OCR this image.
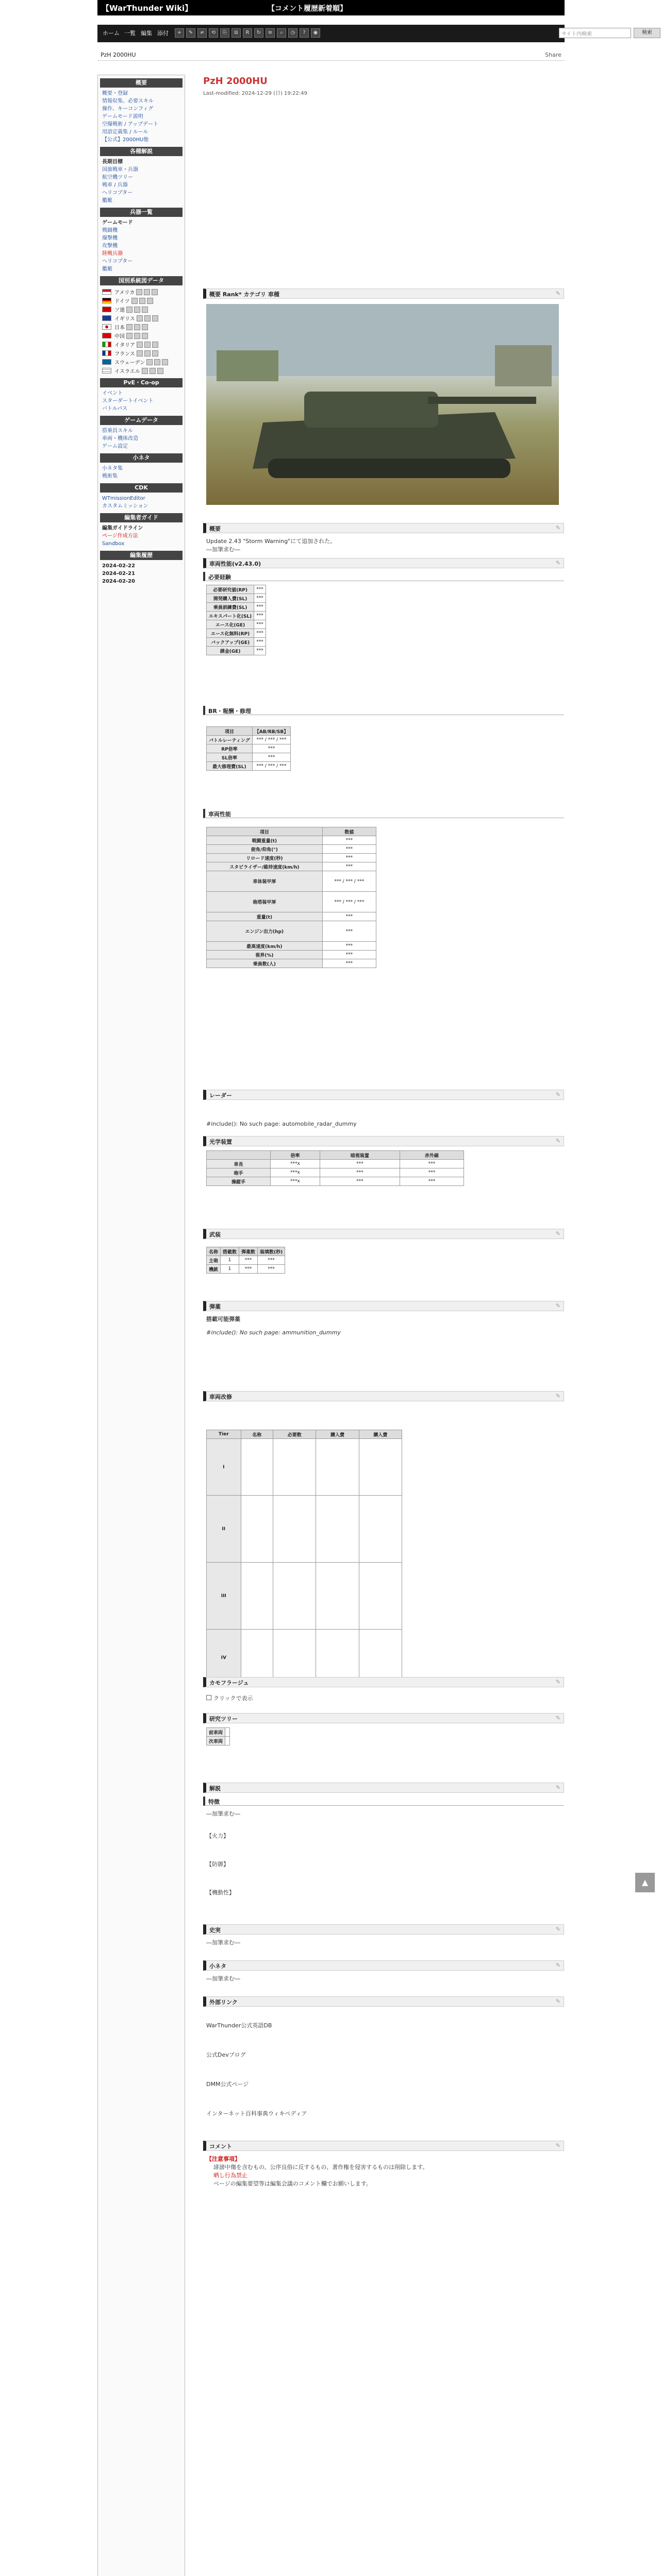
【WarThunder Wiki】	【コメント履歴新着順】
ホーム 一覧 編集 添付	+	✎	≠	⟲	⎘	⧉	R	↻	≡	⌕	◷	?	◉	サイト内検索	検索
PzH 2000HU	Share
概要
概要・登録
情報収集、必要スキル
操作、キーコンフィグ
ゲームモード説明
空爆戦術 / アップデート
用語定義集 / ルール
【公式】2000HU他
各種解説
長期目標
国旗戦車・兵器
航空機ツリー
戦車 / 兵器
ヘリコプター
艦艇
兵器一覧
ゲームモード
戦闘機
爆撃機
攻撃機
陸戦兵器
ヘリコプター
艦艇
国別系統図データ
アメリカ
ドイツ
ソ連
イギリス
日本
中国
イタリア
フランス
スウェーデン
イスラエル
PvE・Co-op
イベント
スターダートイベント
バトルパス
ゲームデータ
搭乗員スキル
車両・機体改造
ゲーム設定
小ネタ
小ネタ集
戦術集
CDK
WTmissionEditor
カスタムミッション
編集者ガイド
編集ガイドライン
ページ作成方法
Sandbox
編集履歴
2024-02-22
2024-02-21
2024-02-20
PzH 2000HU
Last-modified: 2024-12-29 (日) 19:22:49
概要 Rank* カテゴリ 車種	✎
概要	✎
Update 2.43 "Storm Warning"にて追加された。
―加筆求む―
車両性能(v2.43.0)	✎
必要経験
必要研究値(RP)	***
開発購入費(SL)	***
乗員訓練費(SL)	***
エキスパート化(SL)	***
エース化(GE)	***
エース化無料(RP)	***
バックアップ(GE)	***
課金(GE)	***
BR・報酬・修理
項目	【AB/RB/SB】
バトルレーティング	*** / *** / ***
RP倍率	***
SL倍率	***
最大修理費(SL)	*** / *** / ***
車両性能
項目	数値
戦闘重量(t)	***
俯角/仰角(°)	***
リロード速度(秒)	***
スタビライザー/維持速度(km/h)	***
車体装甲厚	*** / *** / ***
砲塔装甲厚	*** / *** / ***
重量(t)	***
エンジン出力(hp)	***
最高速度(km/h)	***
視界(%)	***
乗員数(人)	***
レーダー	✎
#include(): No such page: automobile_radar_dummy
光学装置	✎
	倍率	暗視装置	赤外線
車長	***x	***	***
砲手	***x	***	***
操縦手	***x	***	***
武装	✎
名称	搭載数	弾薬数	装填数(秒)
主砲	1	***	***
機銃	1	***	***
弾薬	✎
搭載可能弾薬
#include(): No such page: ammunition_dummy
車両改修	✎
Tier	名称	必要数	購入費	購入費
I				
II				
III				
IV				
カモフラージュ	✎
クリックで表示
研究ツリー	✎
前車両	
次車両	
解説	✎
特徴
―加筆求む―
【火力】
【防御】
【機動性】
史実	✎
―加筆求む―
小ネタ	✎
―加筆求む―
外部リンク	✎
WarThunder公式英語DB
公式Devブログ
DMM公式ページ
インターネット百科事典ウィキペディア
コメント	✎
【注意事項】
誹謗中傷を含むもの、公序良俗に反するもの、著作権を侵害するものは削除します。
晒し行為禁止
ページの編集要望等は編集会議のコメント欄でお願いします。
▲
